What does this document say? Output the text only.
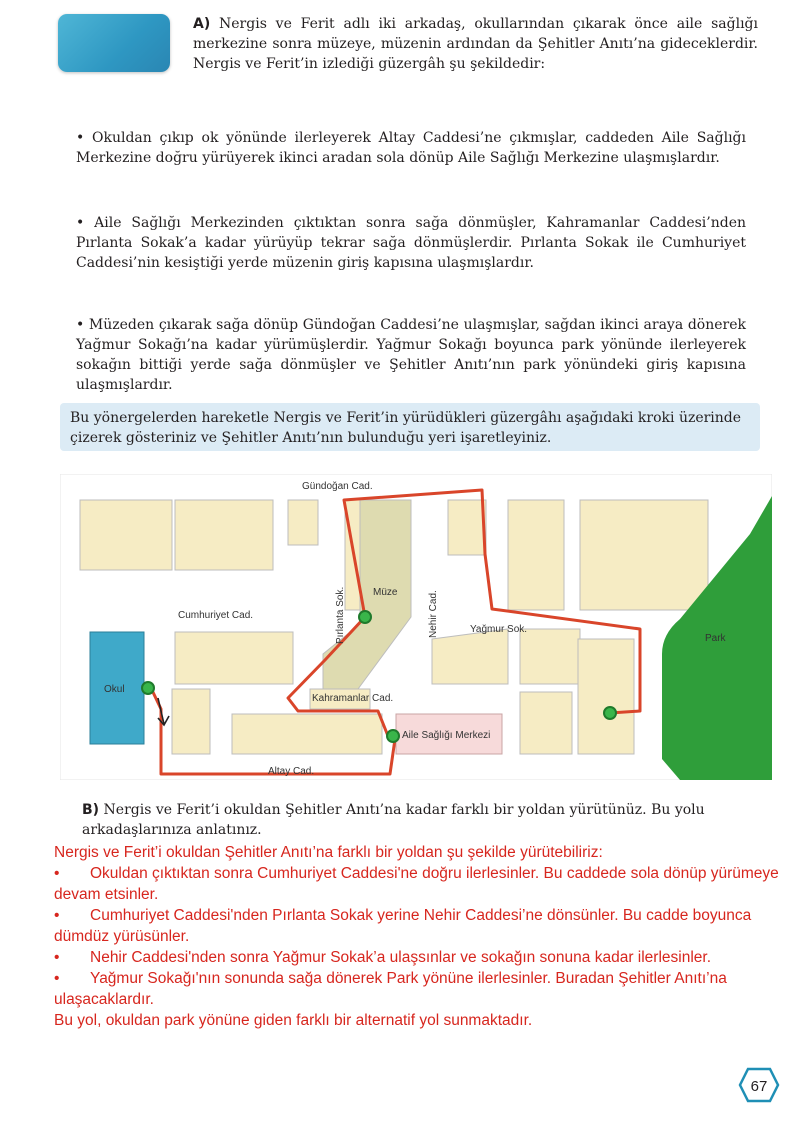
A) Nergis ve Ferit adlı iki arkadaş, okullarından çıkarak önce aile sağlığı merkezine sonra müzeye, müzenin ardından da Şehitler Anıtı’na gideceklerdir. Nergis ve Ferit’in izlediği güzergâh şu şekildedir:
• Okuldan çıkıp ok yönünde ilerleyerek Altay Caddesi’ne çıkmışlar, caddeden Aile Sağlığı Merkezine doğru yürüyerek ikinci aradan sola dönüp Aile Sağlığı Merkezine ulaşmışlardır.
• Aile Sağlığı Merkezinden çıktıktan sonra sağa dönmüşler, Kahramanlar Caddesi’nden Pırlanta Sokak’a kadar yürüyüp tekrar sağa dönmüşlerdir. Pırlanta Sokak ile Cumhuriyet Caddesi’nin kesiştiği yerde müzenin giriş kapısına ulaşmışlardır.
• Müzeden çıkarak sağa dönüp Gündoğan Caddesi’ne ulaşmışlar, sağdan ikinci araya dönerek Yağmur Sokağı’na kadar yürümüşlerdir. Yağmur Sokağı boyunca park yönünde ilerleyerek sokağın bittiği yerde sağa dönmüşler ve Şehitler Anıtı’nın park yönündeki giriş kapısına ulaşmışlardır.
Bu yönergelerden hareketle Nergis ve Ferit’in yürüdükleri güzergâhı aşağıdaki kroki üzerinde çizerek gösteriniz ve Şehitler Anıtı’nın bulunduğu yeri işaretleyiniz.
Gündoğan Cad.
Cumhuriyet Cad.	Pırlanta Sok.	Müze	Nehir Cad.	Yağmur Sok.
Park
Okul
Kahramanlar Cad.
Aile Sağlığı Merkezi
Altay Cad.
B) Nergis ve Ferit’i okuldan Şehitler Anıtı’na kadar farklı bir yoldan yürütünüz. Bu yolu arkadaşlarınıza anlatınız.
Nergis ve Ferit’i okuldan Şehitler Anıtı’na farklı bir yoldan şu şekilde yürütebiliriz:
• Okuldan çıktıktan sonra Cumhuriyet Caddesi'ne doğru ilerlesinler. Bu caddede sola dönüp yürümeye devam etsinler.
• Cumhuriyet Caddesi'nden Pırlanta Sokak yerine Nehir Caddesi’ne dönsünler. Bu cadde boyunca dümdüz yürüsünler.
• Nehir Caddesi'nden sonra Yağmur Sokak’a ulaşsınlar ve sokağın sonuna kadar ilerlesinler.
• Yağmur Sokağı'nın sonunda sağa dönerek Park yönüne ilerlesinler. Buradan Şehitler Anıtı’na ulaşacaklardır.
Bu yol, okuldan park yönüne giden farklı bir alternatif yol sunmaktadır.
67
